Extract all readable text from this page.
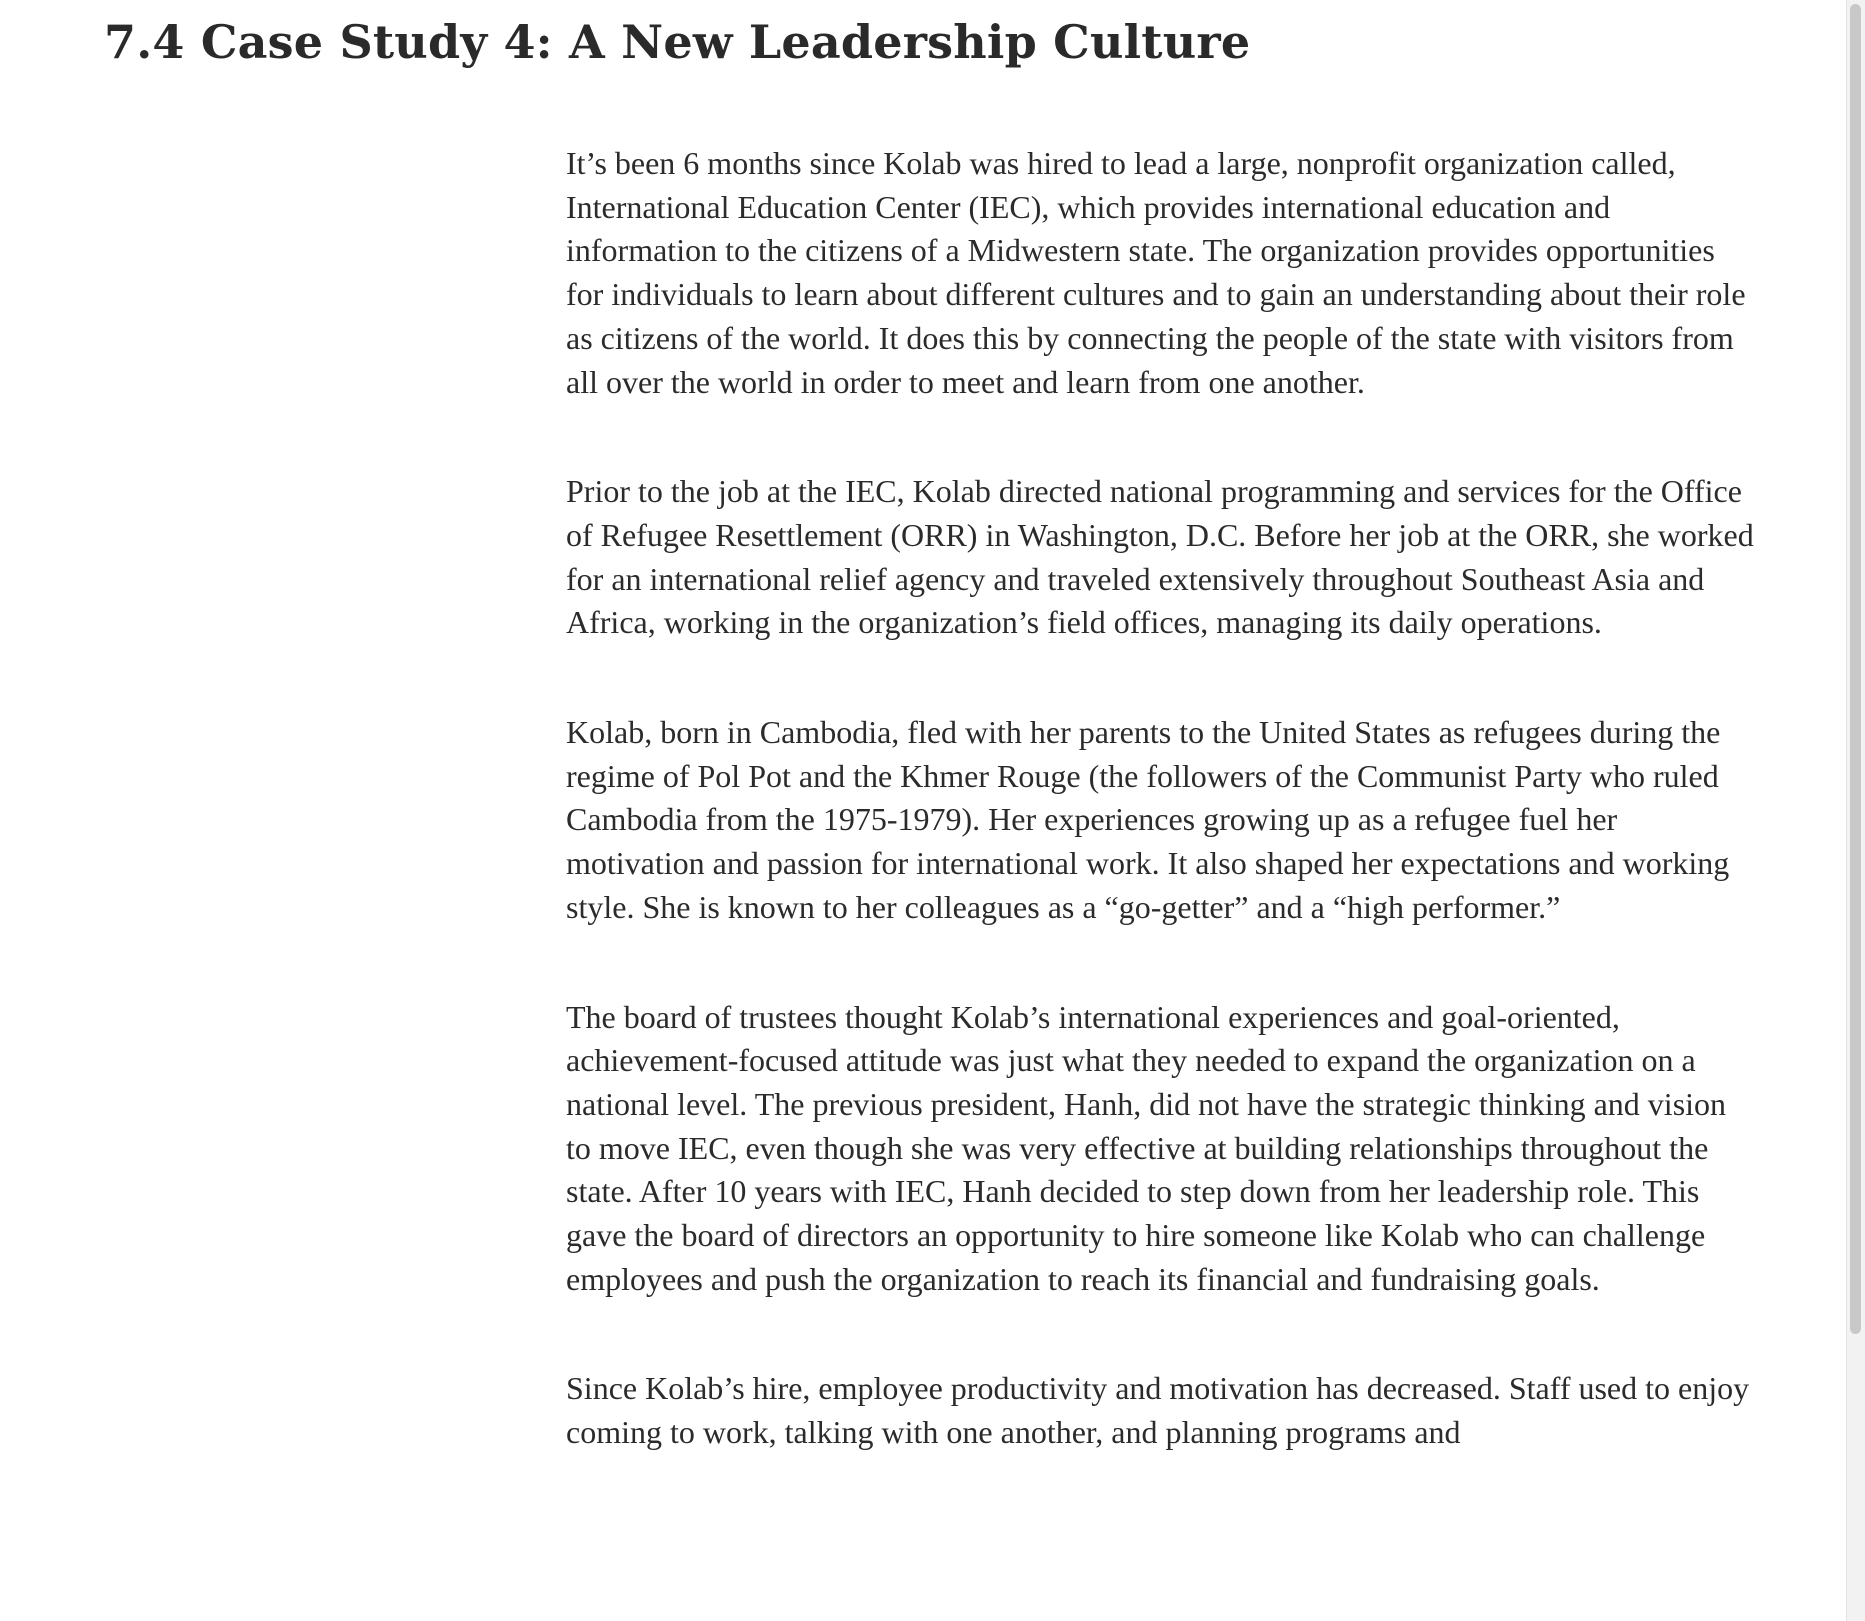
7.4 Case Study 4: A New Leadership Culture

It’s been 6 months since Kolab was hired to lead a large, nonprofit organization called, International Education Center (IEC), which provides international education and information to the citizens of a Midwestern state. The organization provides opportunities for individuals to learn about different cultures and to gain an understanding about their role as citizens of the world. It does this by connecting the people of the state with visitors from all over the world in order to meet and learn from one another.

Prior to the job at the IEC, Kolab directed national programming and services for the Office of Refugee Resettlement (ORR) in Washington, D.C. Before her job at the ORR, she worked for an international relief agency and traveled extensively throughout Southeast Asia and Africa, working in the organization’s field offices, managing its daily operations.

Kolab, born in Cambodia, fled with her parents to the United States as refugees during the regime of Pol Pot and the Khmer Rouge (the followers of the Communist Party who ruled Cambodia from the 1975-1979). Her experiences growing up as a refugee fuel her motivation and passion for international work. It also shaped her expectations and working style. She is known to her colleagues as a “go-getter” and a “high performer.”

The board of trustees thought Kolab’s international experiences and goal-oriented, achievement-focused attitude was just what they needed to expand the organization on a national level. The previous president, Hanh, did not have the strategic thinking and vision to move IEC, even though she was very effective at building relationships throughout the state. After 10 years with IEC, Hanh decided to step down from her leadership role. This gave the board of directors an opportunity to hire someone like Kolab who can challenge employees and push the organization to reach its financial and fundraising goals.

Since Kolab’s hire, employee productivity and motivation has decreased. Staff used to enjoy coming to work, talking with one another, and planning programs and
